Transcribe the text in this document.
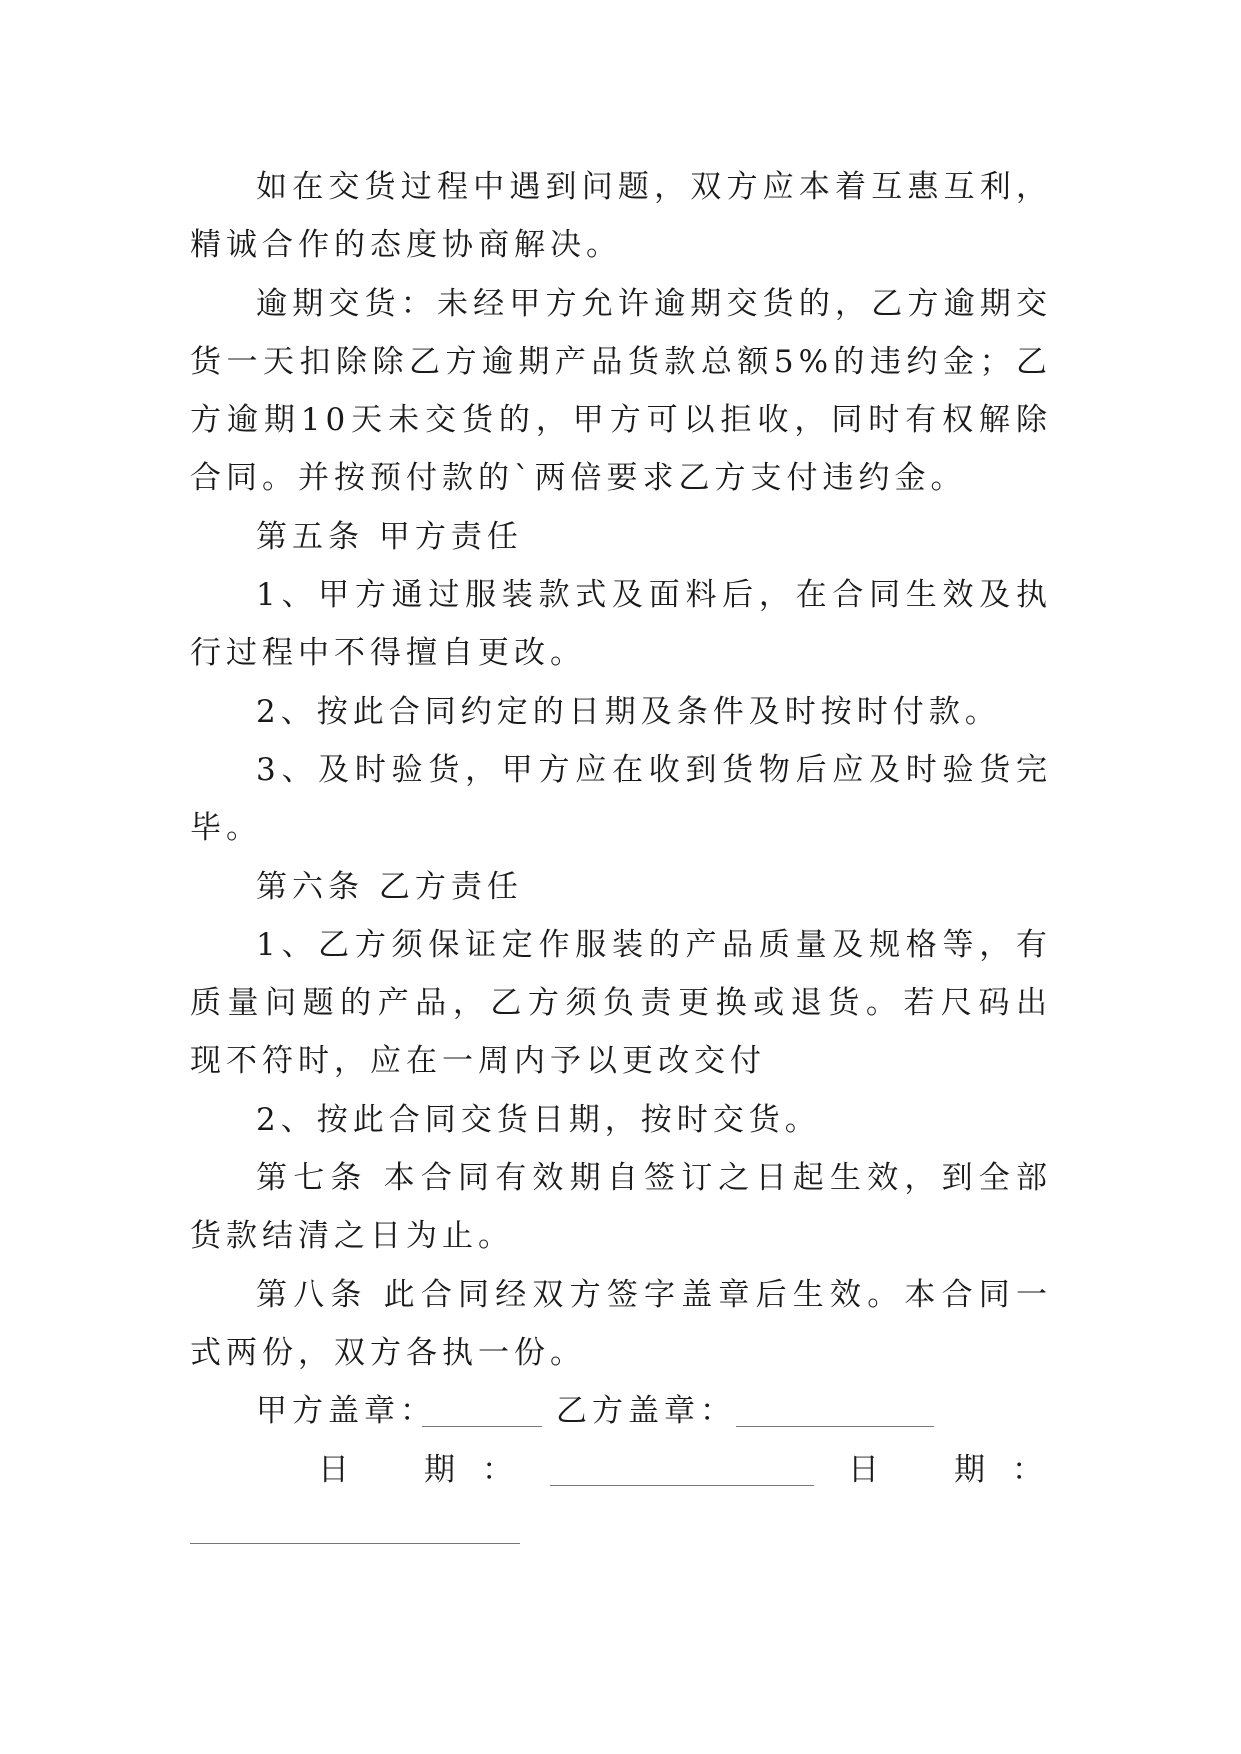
如在交货过程中遇到问题，双方应本着互惠互利，精诚合作的态度协商解决。

逾期交货：未经甲方允许逾期交货的，乙方逾期交货一天扣除除乙方逾期产品货款总额5%的违约金；乙方逾期10天未交货的，甲方可以拒收，同时有权解除合同。并按预付款的`两倍要求乙方支付违约金。

第五条 甲方责任

1、甲方通过服装款式及面料后，在合同生效及执行过程中不得擅自更改。

2、按此合同约定的日期及条件及时按时付款。

3、及时验货，甲方应在收到货物后应及时验货完毕。

第六条 乙方责任

1、乙方须保证定作服装的产品质量及规格等，有质量问题的产品，乙方须负责更换或退货。若尺码出现不符时，应在一周内予以更改交付

2、按此合同交货日期，按时交货。

第七条 本合同有效期自签订之日起生效，到全部货款结清之日为止。

第八条 此合同经双方签字盖章后生效。本合同一式两份，双方各执一份。

甲方盖章：	乙方盖章：
日 期 ：	日 期 ：
